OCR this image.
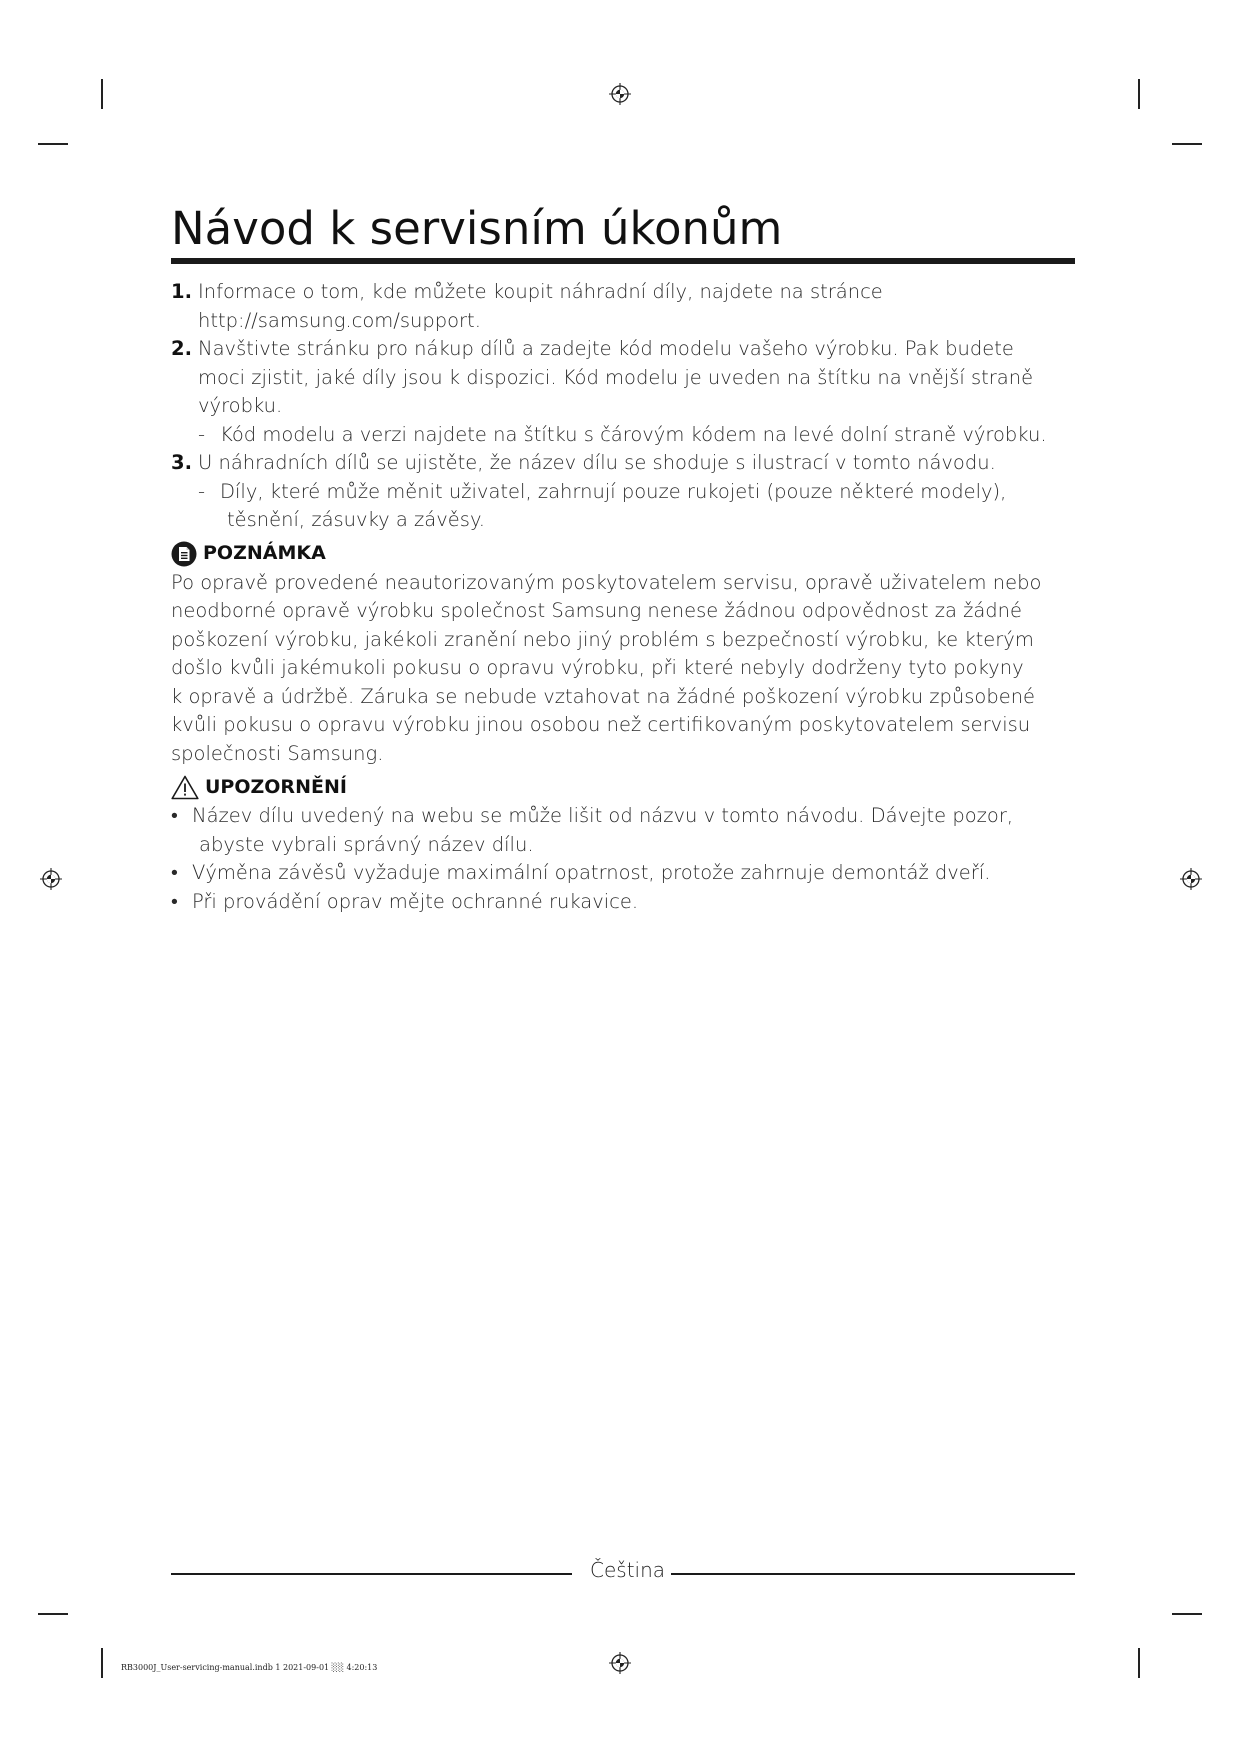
Návod k servisním úkonům
1. Informace o tom, kde můžete koupit náhradní díly, najdete na stránce
http://samsung.com/support.
2. Navštivte stránku pro nákup dílů a zadejte kód modelu vašeho výrobku. Pak budete
moci zjistit, jaké díly jsou k dispozici. Kód modelu je uveden na štítku na vnější straně
výrobku.
- Kód modelu a verzi najdete na štítku s čárovým kódem na levé dolní straně výrobku.
3. U náhradních dílů se ujistěte, že název dílu se shoduje s ilustrací v tomto návodu.
- Díly, které může měnit uživatel, zahrnují pouze rukojeti (pouze některé modely),
těsnění, zásuvky a závěsy.
POZNÁMKA

Po opravě provedené neautorizovaným poskytovatelem servisu, opravě uživatelem nebo
neodborné opravě výrobku společnost Samsung nenese žádnou odpovědnost za žádné
poškození výrobku, jakékoli zranění nebo jiný problém s bezpečností výrobku, ke kterým
došlo kvůli jakémukoli pokusu o opravu výrobku, při které nebyly dodrženy tyto pokyny
k opravě a údržbě. Záruka se nebude vztahovat na žádné poškození výrobku způsobené
kvůli pokusu o opravu výrobku jinou osobou než certifikovaným poskytovatelem servisu
společnosti Samsung.

UPOZORNĚNÍ
• Název dílu uvedený na webu se může lišit od názvu v tomto návodu. Dávejte pozor,
abyste vybrali správný název dílu.
• Výměna závěsů vyžaduje maximální opatrnost, protože zahrnuje demontáž dveří.
• Při provádění oprav mějte ochranné rukavice.
Čeština
RB3000J_User-servicing-manual.indb 1 2021-09-01 ░░ 4:20:13
